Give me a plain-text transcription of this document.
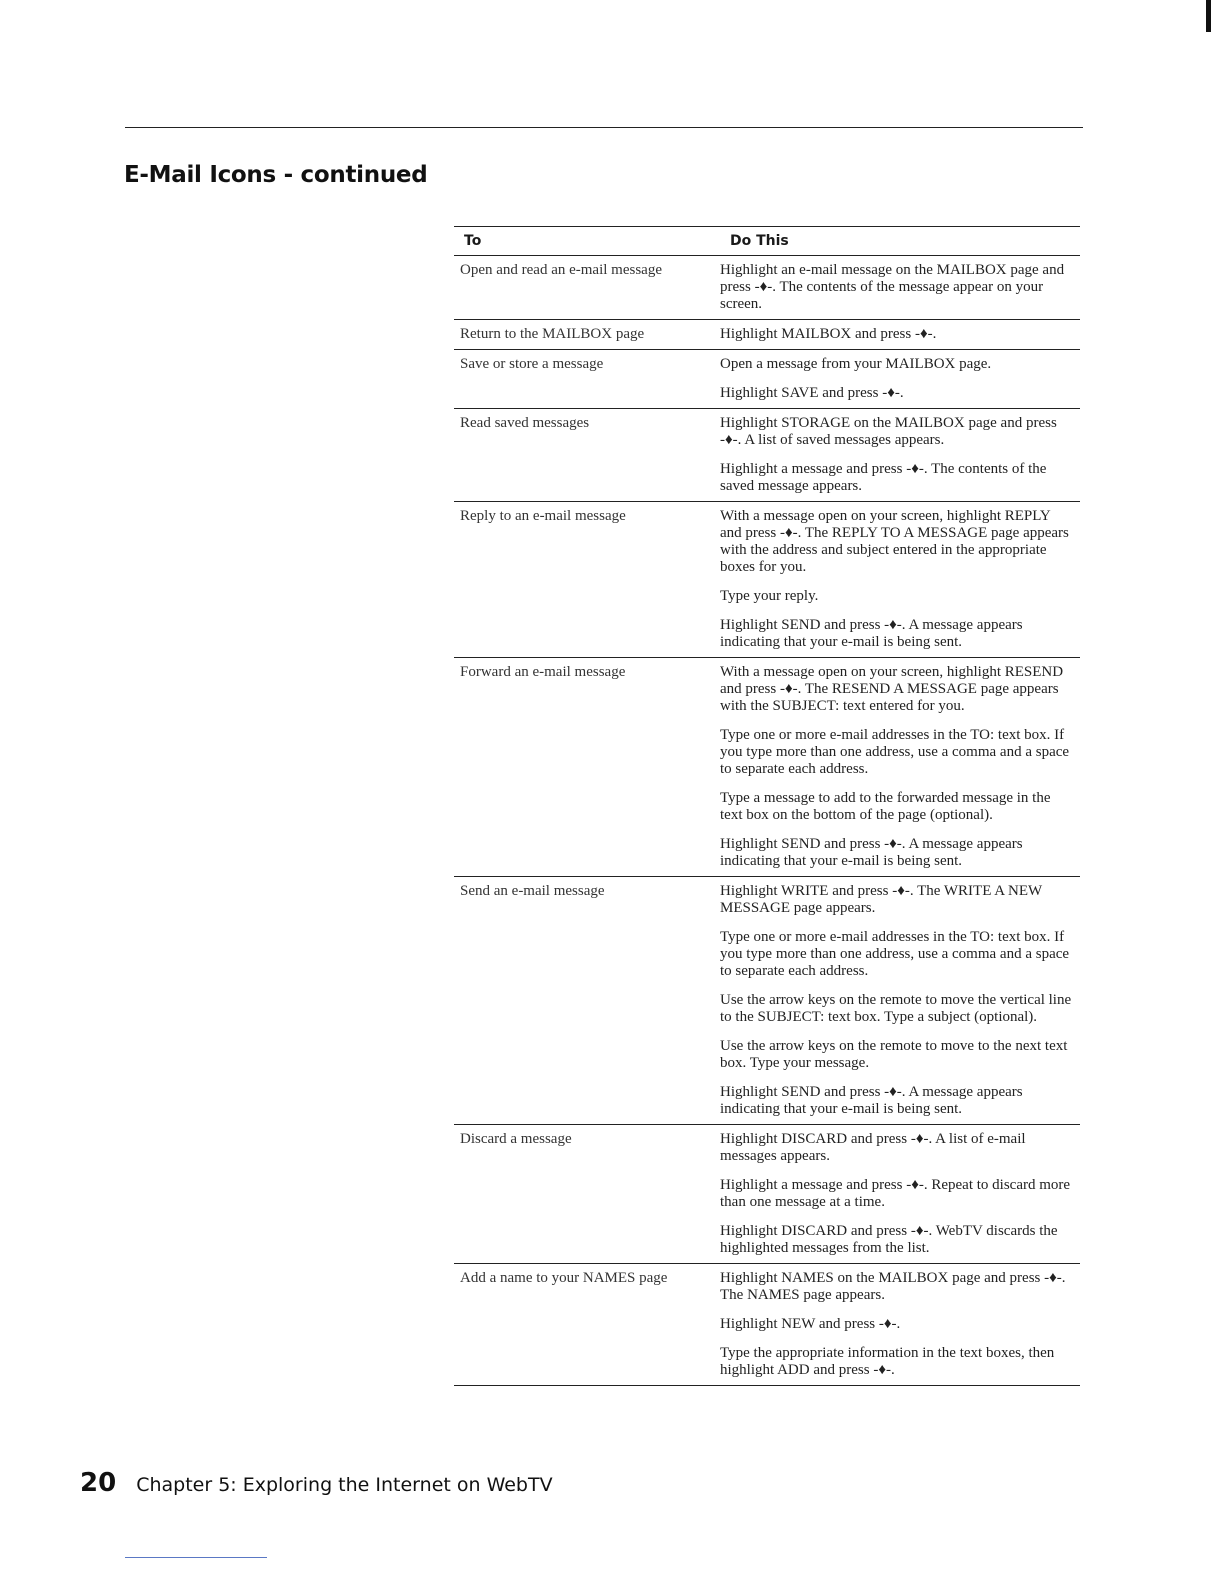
E-Mail Icons - continued
To	Do This
Open and read an e-mail message	Highlight an e-mail message on the MAILBOX page and press -♦-. The contents of the message appear on your screen.
Return to the MAILBOX page	Highlight MAILBOX and press -♦-.
Save or store a message	Open a message from your MAILBOX page.
Highlight SAVE and press -♦-.
Read saved messages	Highlight STORAGE on the MAILBOX page and press -♦-. A list of saved messages appears.
Highlight a message and press -♦-. The contents of the saved message appears.
Reply to an e-mail message	With a message open on your screen, highlight REPLY and press -♦-. The REPLY TO A MESSAGE page appears with the address and subject entered in the appropriate boxes for you.
Type your reply.
Highlight SEND and press -♦-. A message appears indicating that your e-mail is being sent.
Forward an e-mail message	With a message open on your screen, highlight RESEND and press -♦-. The RESEND A MESSAGE page appears with the SUBJECT: text entered for you.
Type one or more e-mail addresses in the TO: text box. If you type more than one address, use a comma and a space to separate each address.
Type a message to add to the forwarded message in the text box on the bottom of the page (optional).
Highlight SEND and press -♦-. A message appears indicating that your e-mail is being sent.
Send an e-mail message	Highlight WRITE and press -♦-. The WRITE A NEW MESSAGE page appears.
Type one or more e-mail addresses in the TO: text box. If you type more than one address, use a comma and a space to separate each address.
Use the arrow keys on the remote to move the vertical line to the SUBJECT: text box. Type a subject (optional).
Use the arrow keys on the remote to move to the next text box. Type your message.
Highlight SEND and press -♦-. A message appears indicating that your e-mail is being sent.
Discard a message	Highlight DISCARD and press -♦-. A list of e-mail messages appears.
Highlight a message and press -♦-. Repeat to discard more than one message at a time.
Highlight DISCARD and press -♦-. WebTV discards the highlighted messages from the list.
Add a name to your NAMES page	Highlight NAMES on the MAILBOX page and press -♦-. The NAMES page appears.
Highlight NEW and press -♦-.
Type the appropriate information in the text boxes, then highlight ADD and press -♦-.
20 Chapter 5: Exploring the Internet on WebTV
